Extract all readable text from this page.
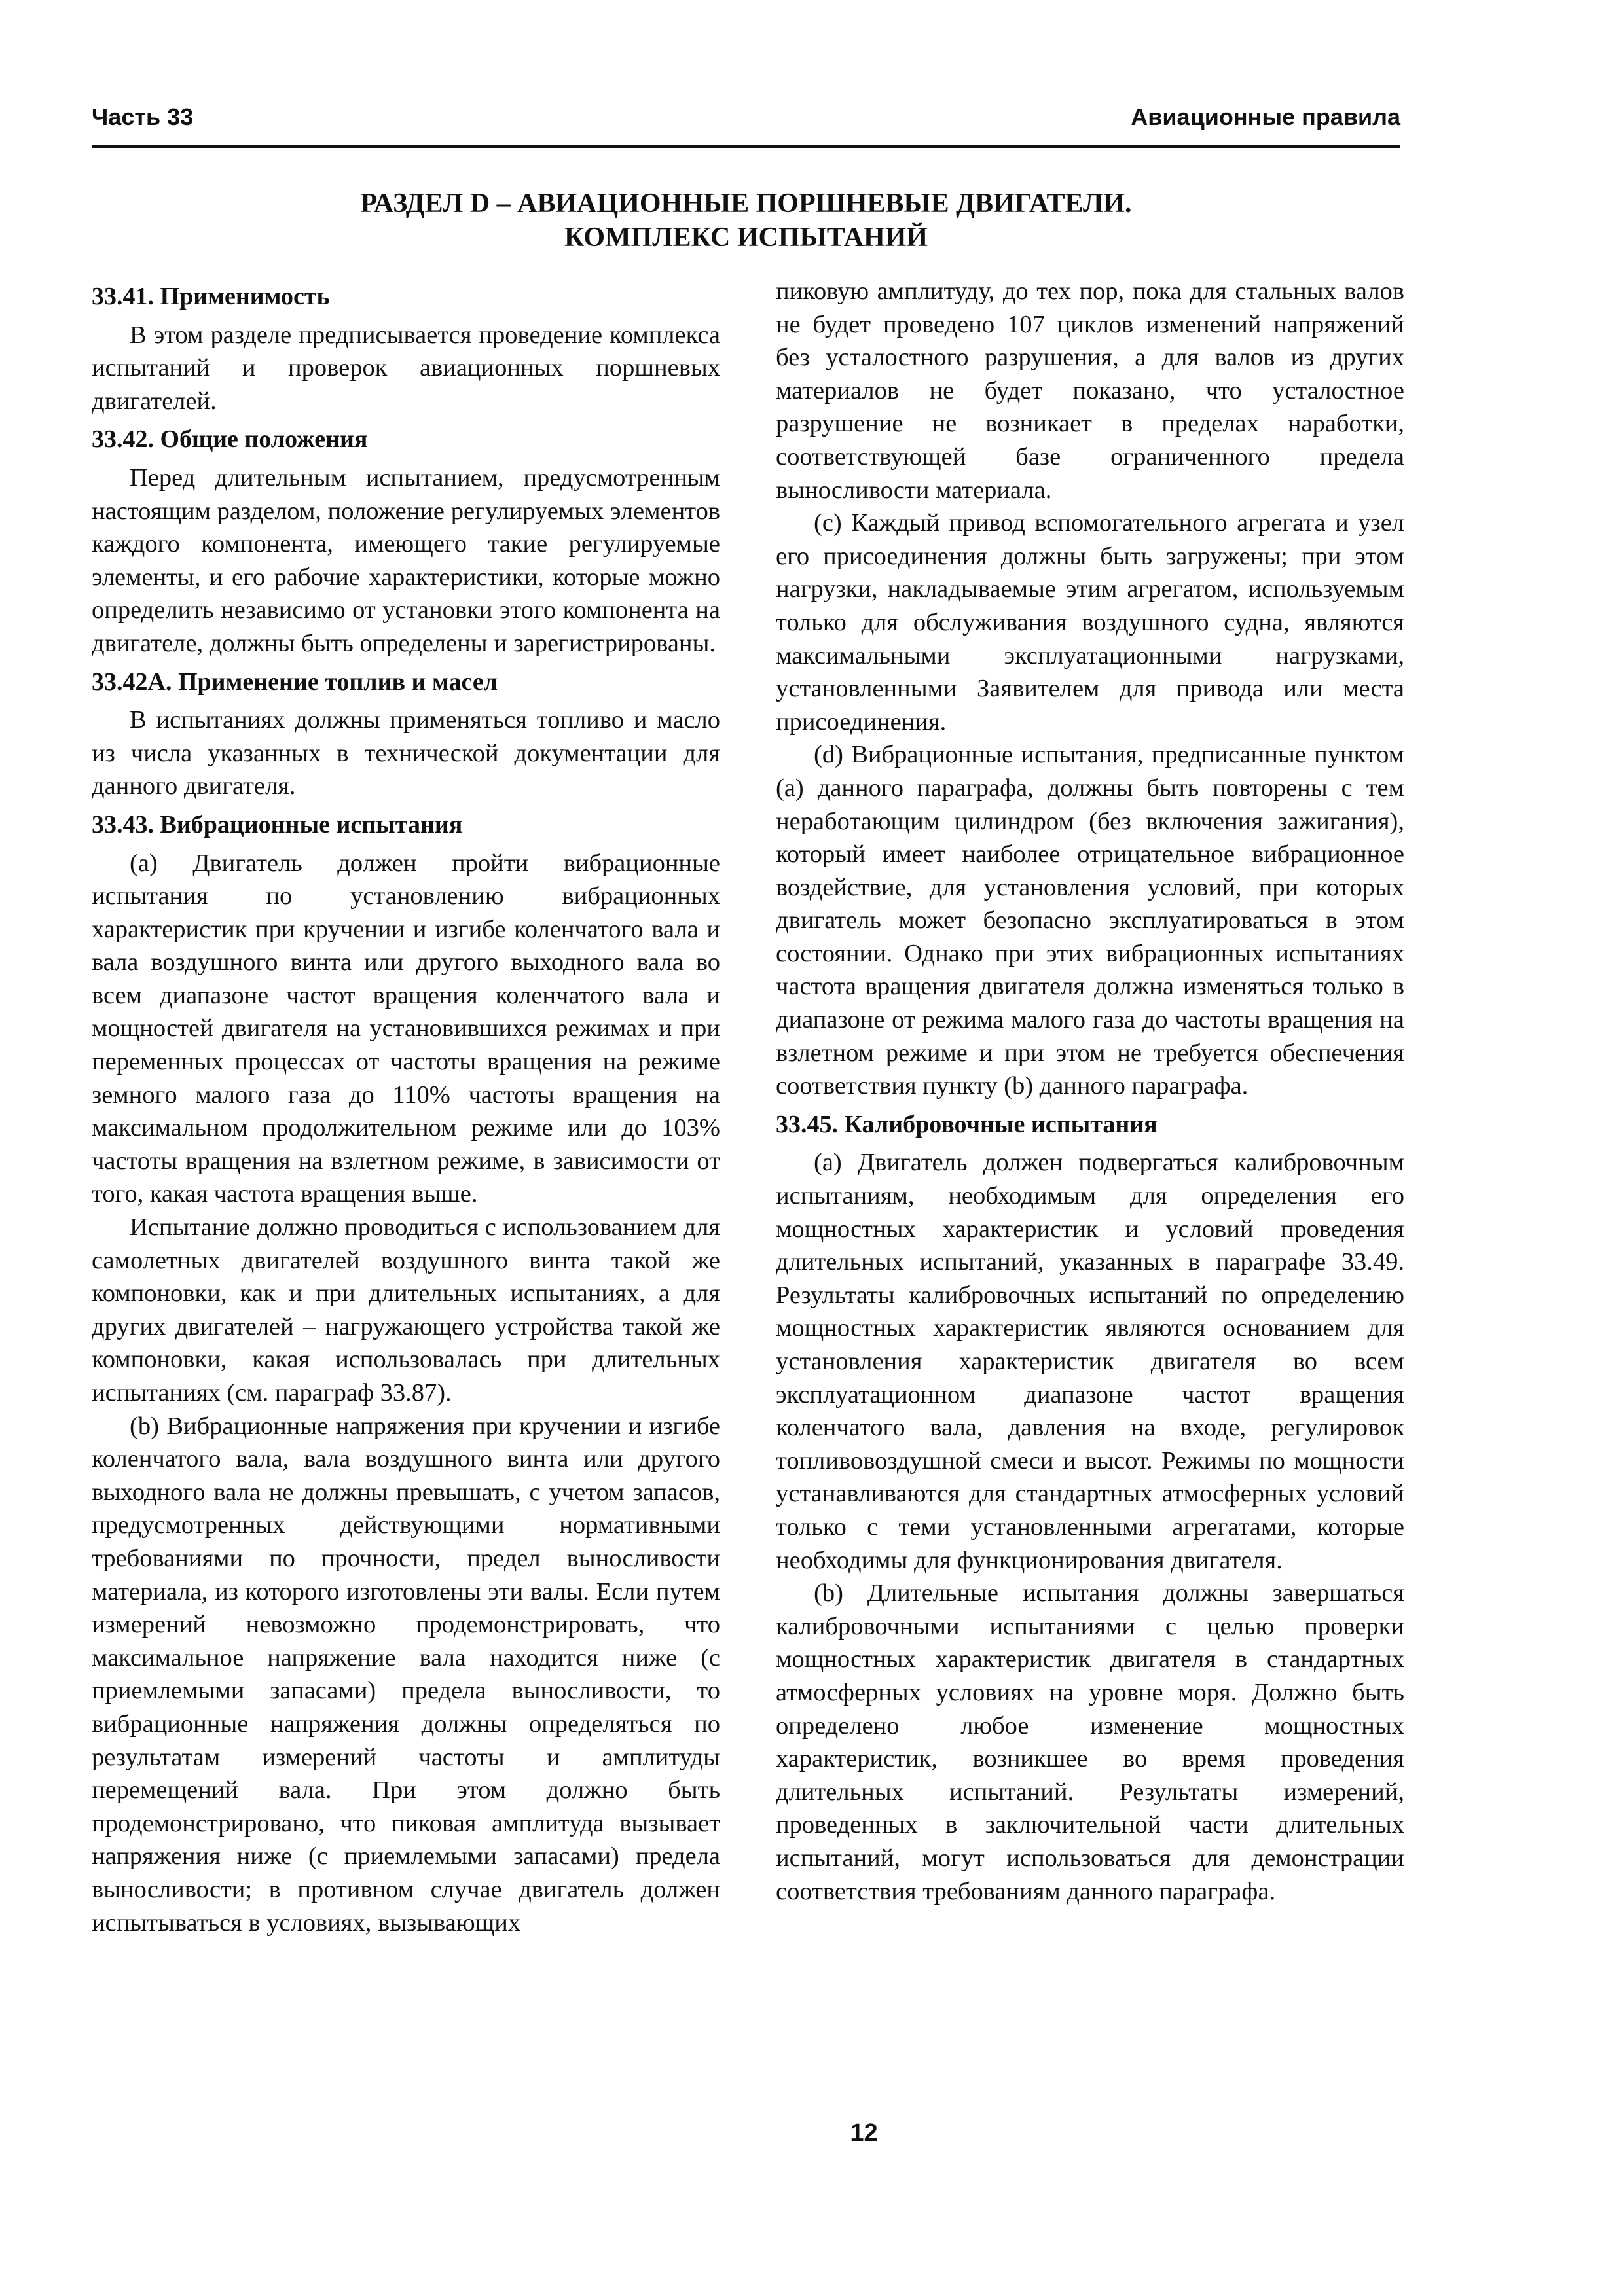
Часть 33	Авиационные правила
РАЗДЕЛ D – АВИАЦИОННЫЕ ПОРШНЕВЫЕ ДВИГАТЕЛИ.
КОМПЛЕКС ИСПЫТАНИЙ
33.41. Применимость

В этом разделе предписывается проведение комплекса испытаний и проверок авиационных поршневых двигателей.

33.42. Общие положения

Перед длительным испытанием, предусмотренным настоящим разделом, положение регулируемых элементов каждого компонента, имеющего такие регулируемые элементы, и его рабочие характеристики, которые можно определить независимо от установки этого компонента на двигателе, должны быть определены и зарегистрированы.

33.42А. Применение топлив и масел

В испытаниях должны применяться топливо и масло из числа указанных в технической документации для данного двигателя.

33.43. Вибрационные испытания

(a) Двигатель должен пройти вибрационные испытания по установлению вибрационных характеристик при кручении и изгибе коленчатого вала и вала воздушного винта или другого выходного вала во всем диапазоне частот вращения коленчатого вала и мощностей двигателя на установившихся режимах и при переменных процессах от частоты вращения на режиме земного малого газа до 110% частоты вращения на максимальном продолжительном режиме или до 103% частоты вращения на взлетном режиме, в зависимости от того, какая частота вращения выше.

Испытание должно проводиться с использованием для самолетных двигателей воздушного винта такой же компоновки, как и при длительных испытаниях, а для других двигателей – нагружающего устройства такой же компоновки, какая использовалась при длительных испытаниях (см. параграф 33.87).

(b) Вибрационные напряжения при кручении и изгибе коленчатого вала, вала воздушного винта или другого выходного вала не должны превышать, с учетом запасов, предусмотренных действующими нормативными требованиями по прочности, предел выносливости материала, из которого изготовлены эти валы. Если путем измерений невозможно продемонстрировать, что максимальное напряжение вала находится ниже (с приемлемыми запасами) предела выносливости, то вибрационные напряжения должны определяться по результатам измерений частоты и амплитуды перемещений вала. При этом должно быть продемонстрировано, что пиковая амплитуда вызывает напряжения ниже (с приемлемыми запасами) предела выносливости; в противном случае двигатель должен испытываться в условиях, вызывающих

пиковую амплитуду, до тех пор, пока для стальных валов не будет проведено 107 циклов изменений напряжений без усталостного разрушения, а для валов из других материалов не будет показано, что усталостное разрушение не возникает в пределах наработки, соответствующей базе ограниченного предела выносливости материала.

(c) Каждый привод вспомогательного агрегата и узел его присоединения должны быть загружены; при этом нагрузки, накладываемые этим агрегатом, используемым только для обслуживания воздушного судна, являются максимальными эксплуатационными нагрузками, установленными Заявителем для привода или места присоединения.

(d) Вибрационные испытания, предписанные пунктом (a) данного параграфа, должны быть повторены с тем неработающим цилиндром (без включения зажигания), который имеет наиболее отрицательное вибрационное воздействие, для установления условий, при которых двигатель может безопасно эксплуатироваться в этом состоянии. Однако при этих вибрационных испытаниях частота вращения двигателя должна изменяться только в диапазоне от режима малого газа до частоты вращения на взлетном режиме и при этом не требуется обеспечения соответствия пункту (b) данного параграфа.

33.45. Калибровочные испытания

(a) Двигатель должен подвергаться калибровочным испытаниям, необходимым для определения его мощностных характеристик и условий проведения длительных испытаний, указанных в параграфе 33.49. Результаты калибровочных испытаний по определению мощностных характеристик являются основанием для установления характеристик двигателя во всем эксплуатационном диапазоне частот вращения коленчатого вала, давления на входе, регулировок топливовоздушной смеси и высот. Режимы по мощности устанавливаются для стандартных атмосферных условий только с теми установленными агрегатами, которые необходимы для функционирования двигателя.

(b) Длительные испытания должны завершаться калибровочными испытаниями с целью проверки мощностных характеристик двигателя в стандартных атмосферных условиях на уровне моря. Должно быть определено любое изменение мощностных характеристик, возникшее во время проведения длительных испытаний. Результаты измерений, проведенных в заключительной части длительных испытаний, могут использоваться для демонстрации соответствия требованиям данного параграфа.

12
